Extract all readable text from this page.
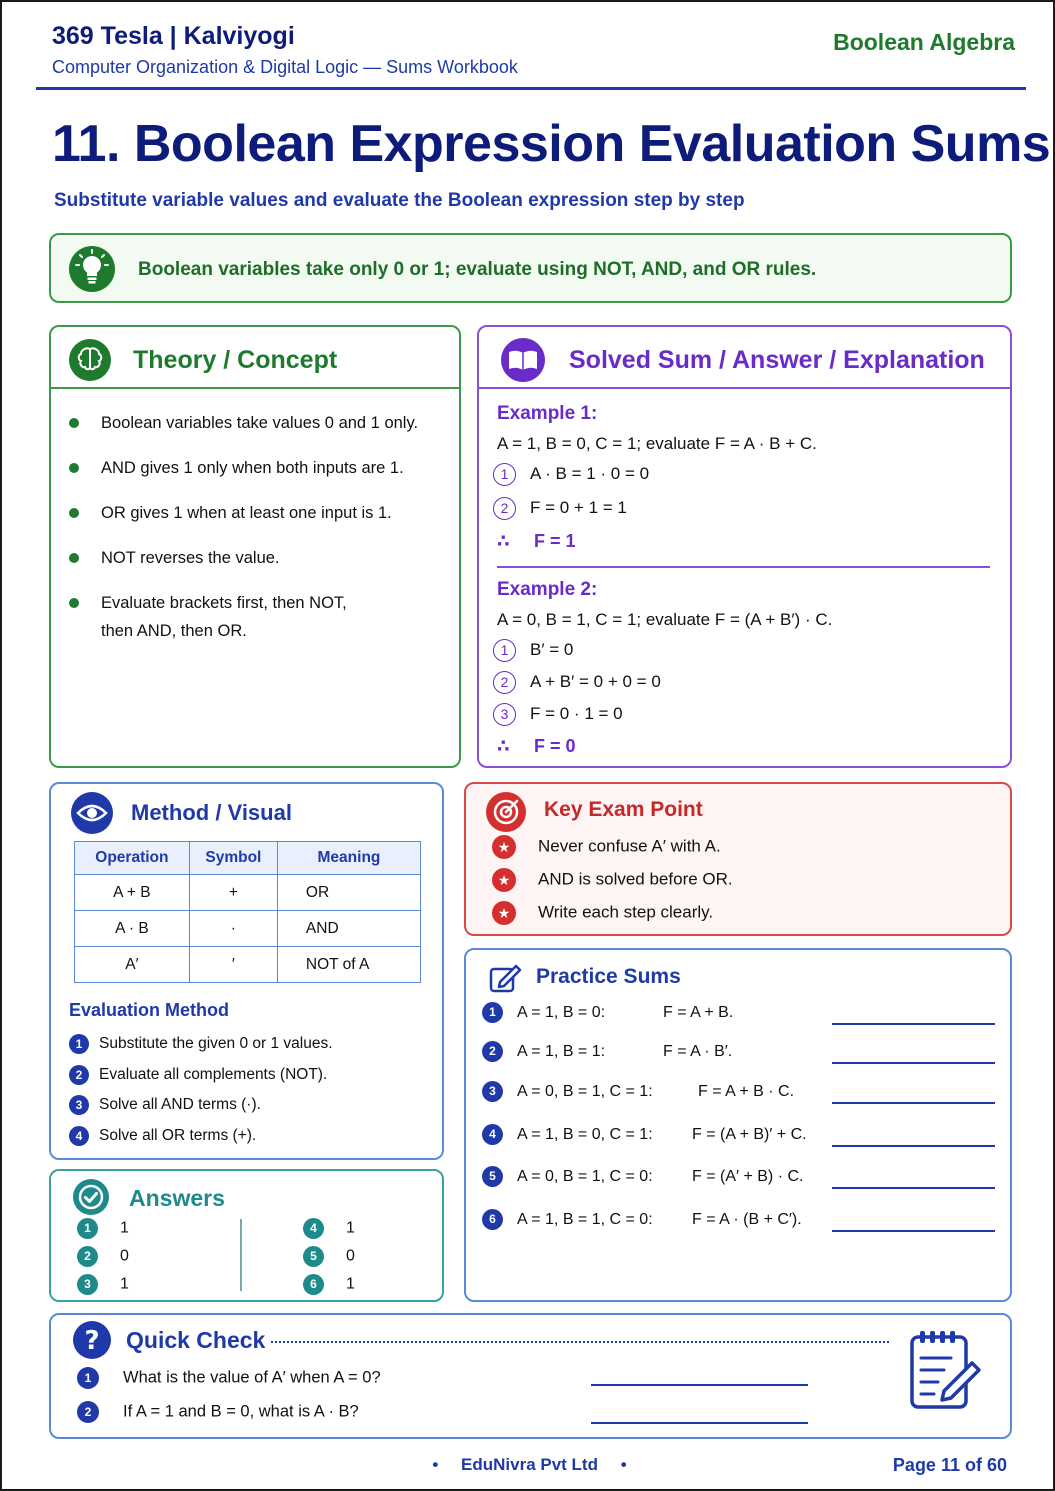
369 Tesla | Kalviyogi
Computer Organization & Digital Logic — Sums Workbook
Boolean Algebra
11. Boolean Expression Evaluation Sums
Substitute variable values and evaluate the Boolean expression step by step
Boolean variables take only 0 or 1; evaluate using NOT, AND, and OR rules.
Theory / Concept
Boolean variables take values 0 and 1 only.
AND gives 1 only when both inputs are 1.
OR gives 1 when at least one input is 1.
NOT reverses the value.
Evaluate brackets first, then NOT, then AND, then OR.
Solved Sum / Answer / Explanation
Example 1:
A = 1, B = 0, C = 1; evaluate F = A · B + C.
1 A · B = 1 · 0 = 0
2 F = 0 + 1 = 1
∴ F = 1
Example 2:
A = 0, B = 1, C = 1; evaluate F = (A + B′) · C.
1 B′ = 0
2 A + B′ = 0 + 0 = 0
3 F = 0 · 1 = 0
∴ F = 0
Method / Visual
Operation	Symbol	Meaning
A + B	+	OR
A · B	·	AND
A′	′	NOT of A
Evaluation Method
1 Substitute the given 0 or 1 values.
2 Evaluate all complements (NOT).
3 Solve all AND terms (·).
4 Solve all OR terms (+).
Answers
1 1
2 0
3 1
4 1
5 0
6 1
Key Exam Point
★ Never confuse A′ with A.
★ AND is solved before OR.
★ Write each step clearly.
Practice Sums
1 A = 1, B = 0:	F = A + B.
2 A = 1, B = 1:	F = A · B′.
3 A = 0, B = 1, C = 1:	F = A + B · C.
4 A = 1, B = 0, C = 1: F = (A + B)′ + C.
5 A = 0, B = 1, C = 0: F = (A′ + B) · C.
6 A = 1, B = 1, C = 0: F = A · (B + C′).
? Quick Check
1 What is the value of A′ when A = 0?
2 If A = 1 and B = 0, what is A · B?
• EduNivra Pvt Ltd •	Page 11 of 60
